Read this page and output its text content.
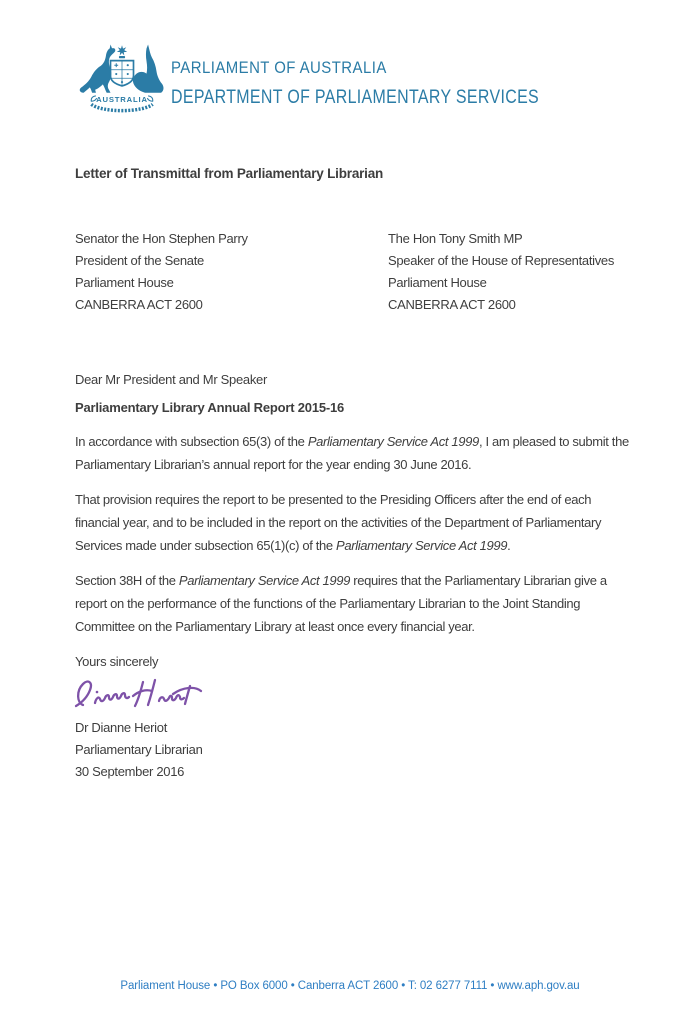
AUSTRALIA
PARLIAMENT OF AUSTRALIA
DEPARTMENT OF PARLIAMENTARY SERVICES
Letter of Transmittal from Parliamentary Librarian
Senator the Hon Stephen Parry
President of the Senate
Parliament House
CANBERRA ACT 2600
The Hon Tony Smith MP
Speaker of the House of Representatives
Parliament House
CANBERRA ACT 2600
Dear Mr President and Mr Speaker
Parliamentary Library Annual Report 2015-16

In accordance with subsection 65(3) of the Parliamentary Service Act 1999, I am pleased to submit the Parliamentary Librarian’s annual report for the year ending 30 June 2016.

That provision requires the report to be presented to the Presiding Officers after the end of each financial year, and to be included in the report on the activities of the Department of Parliamentary Services made under subsection 65(1)(c) of the Parliamentary Service Act 1999.

Section 38H of the Parliamentary Service Act 1999 requires that the Parliamentary Librarian give a report on the performance of the functions of the Parliamentary Librarian to the Joint Standing Committee on the Parliamentary Library at least once every financial year.

Yours sincerely
Dr Dianne Heriot
Parliamentary Librarian
30 September 2016
Parliament House • PO Box 6000 • Canberra ACT 2600 • T: 02 6277 7111 • www.aph.gov.au
